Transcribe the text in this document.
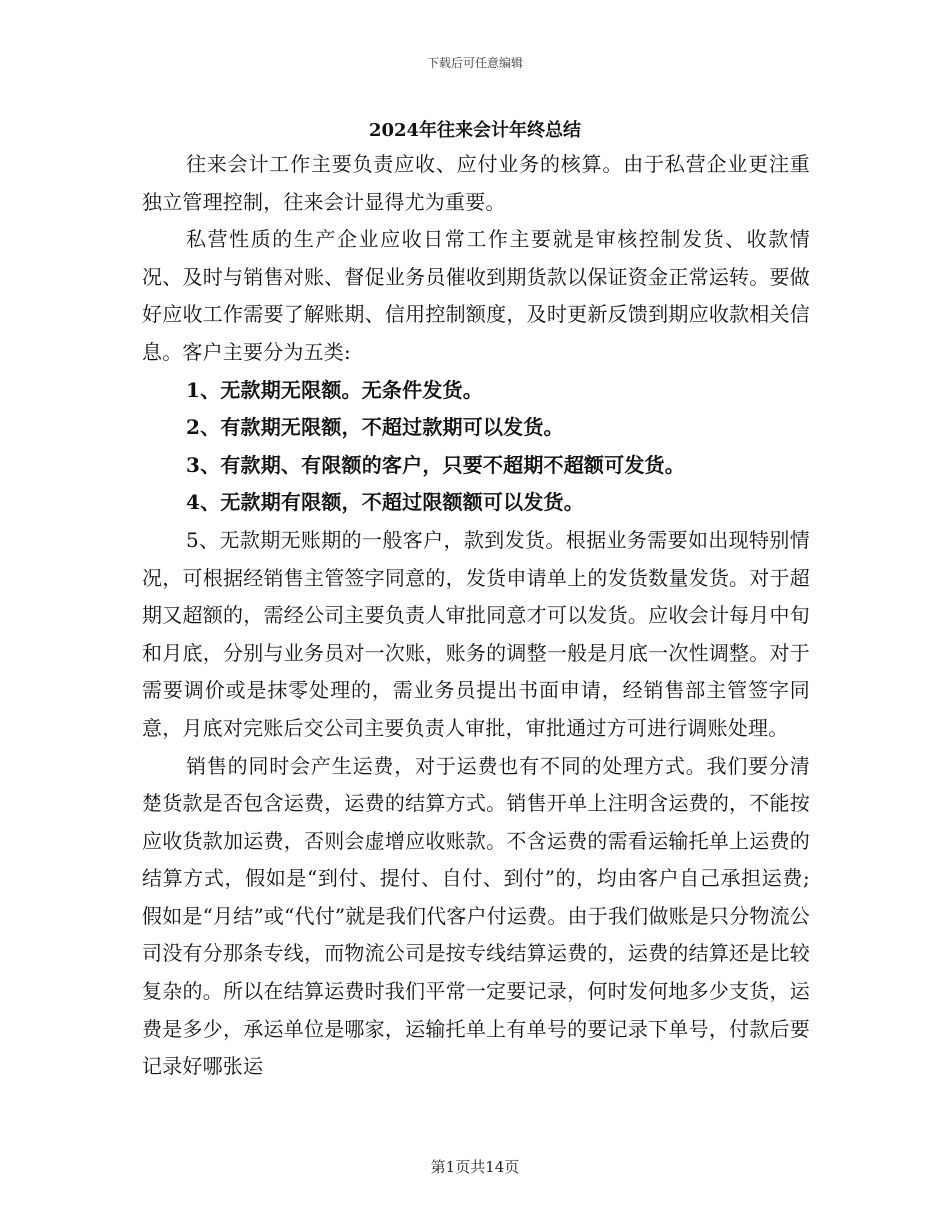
下载后可任意编辑
2024年往来会计年终总结

往来会计工作主要负责应收、应付业务的核算。由于私营企业更注重独立管理控制，往来会计显得尤为重要。

私营性质的生产企业应收日常工作主要就是审核控制发货、收款情况、及时与销售对账、督促业务员催收到期货款以保证资金正常运转。要做好应收工作需要了解账期、信用控制额度，及时更新反馈到期应收款相关信息。客户主要分为五类:

1、无款期无限额。无条件发货。

2、有款期无限额，不超过款期可以发货。

3、有款期、有限额的客户，只要不超期不超额可发货。

4、无款期有限额，不超过限额额可以发货。

5、无款期无账期的一般客户，款到发货。根据业务需要如出现特别情况，可根据经销售主管签字同意的，发货申请单上的发货数量发货。对于超期又超额的，需经公司主要负责人审批同意才可以发货。应收会计每月中旬和月底，分别与业务员对一次账，账务的调整一般是月底一次性调整。对于需要调价或是抹零处理的，需业务员提出书面申请，经销售部主管签字同意，月底对完账后交公司主要负责人审批，审批通过方可进行调账处理。

销售的同时会产生运费，对于运费也有不同的处理方式。我们要分清楚货款是否包含运费，运费的结算方式。销售开单上注明含运费的，不能按应收货款加运费，否则会虚增应收账款。不含运费的需看运输托单上运费的结算方式，假如是“到付、提付、自付、到付”的，均由客户自己承担运费;假如是“月结”或“代付”就是我们代客户付运费。由于我们做账是只分物流公司没有分那条专线，而物流公司是按专线结算运费的，运费的结算还是比较复杂的。所以在结算运费时我们平常一定要记录，何时发何地多少支货，运费是多少，承运单位是哪家，运输托单上有单号的要记录下单号，付款后要记录好哪张运

第1页共14页
